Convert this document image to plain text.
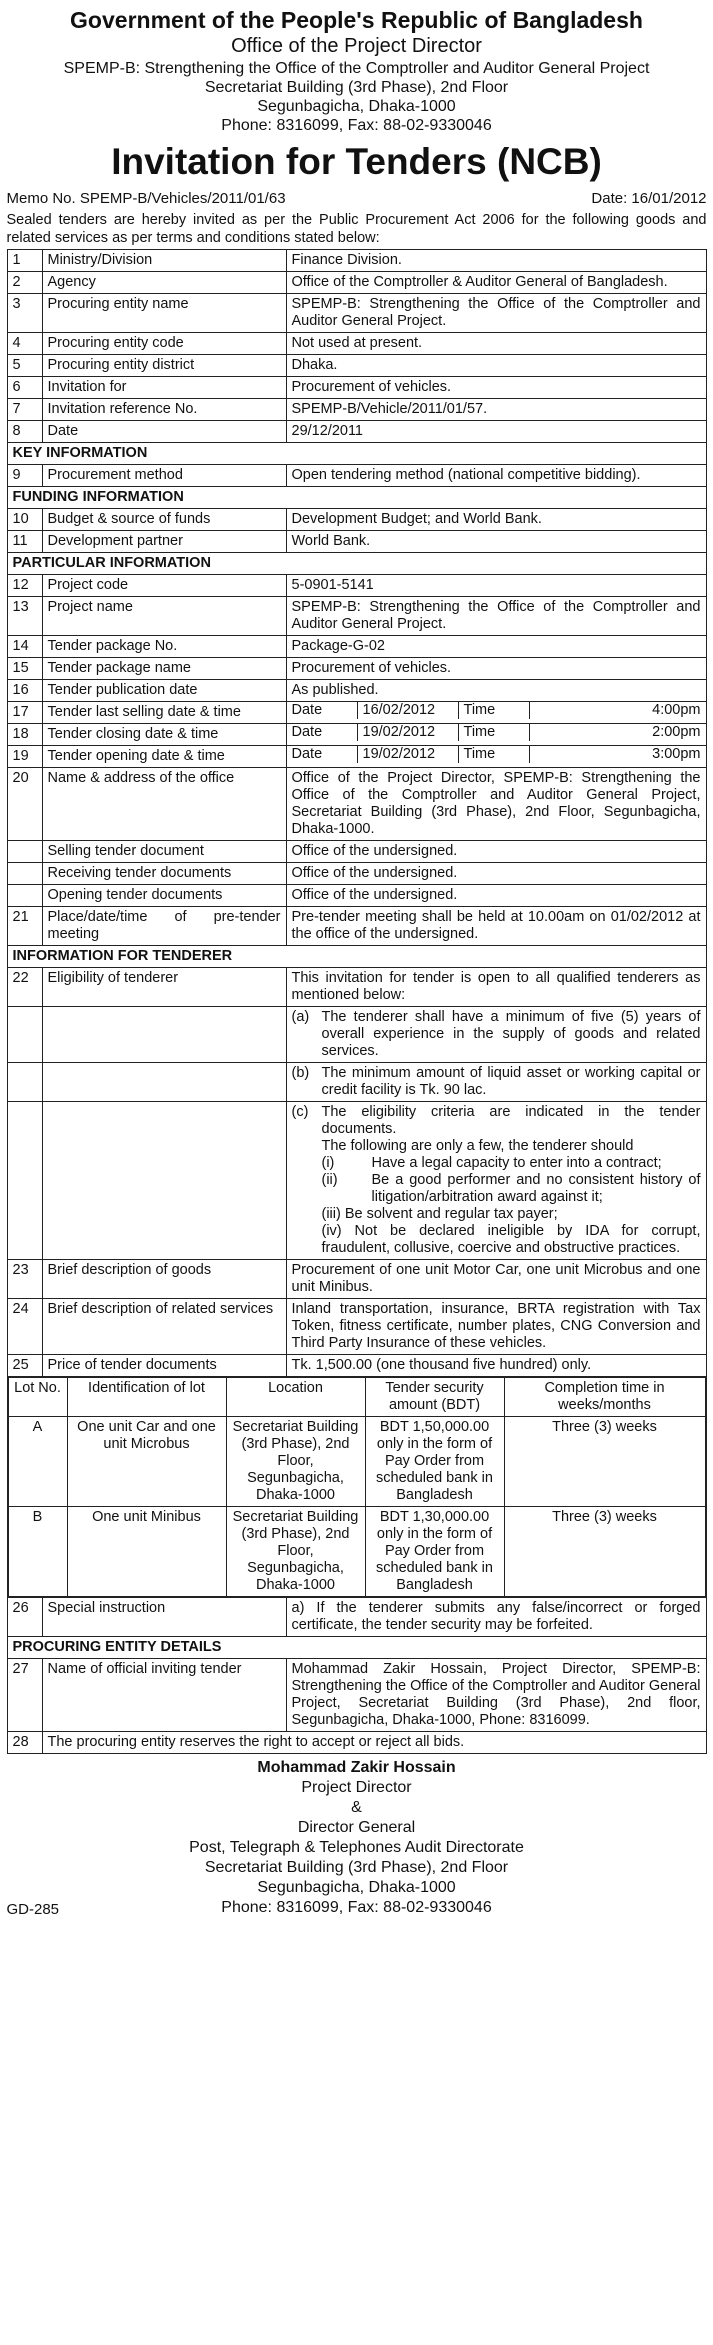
Government of the People's Republic of Bangladesh
Office of the Project Director
SPEMP-B: Strengthening the Office of the Comptroller and Auditor General Project
Secretariat Building (3rd Phase), 2nd Floor
Segunbagicha, Dhaka-1000
Phone: 8316099, Fax: 88-02-9330046
Invitation for Tenders (NCB)
Memo No. SPEMP-B/Vehicles/2011/01/63	Date: 16/01/2012
Sealed tenders are hereby invited as per the Public Procurement Act 2006 for the following goods and related services as per terms and conditions stated below:
1	Ministry/Division	Finance Division.
2	Agency	Office of the Comptroller & Auditor General of Bangladesh.
3	Procuring entity name	SPEMP-B: Strengthening the Office of the Comptroller and Auditor General Project.
4	Procuring entity code	Not used at present.
5	Procuring entity district	Dhaka.
6	Invitation for	Procurement of vehicles.
7	Invitation reference No.	SPEMP-B/Vehicle/2011/01/57.
8	Date	29/12/2011
KEY INFORMATION
9	Procurement method	Open tendering method (national competitive bidding).
FUNDING INFORMATION
10	Budget & source of funds	Development Budget; and World Bank.
11	Development partner	World Bank.
PARTICULAR INFORMATION
12	Project code	5-0901-5141
13	Project name	SPEMP-B: Strengthening the Office of the Comptroller and Auditor General Project.
14	Tender package No.	Package-G-02
15	Tender package name	Procurement of vehicles.
16	Tender publication date	As published.
17	Tender last selling date & time		Date	16/02/2012	Time	4:00pm

18	Tender closing date & time		Date	19/02/2012	Time	2:00pm

19	Tender opening date & time		Date	19/02/2012	Time	3:00pm

20	Name & address of the office	Office of the Project Director, SPEMP-B: Strengthening the Office of the Comptroller and Auditor General Project, Secretariat Building (3rd Phase), 2nd Floor, Segunbagicha, Dhaka-1000.
	Selling tender document	Office of the undersigned.
	Receiving tender documents	Office of the undersigned.
	Opening tender documents	Office of the undersigned.
21	Place/date/time of pre-tender meeting	Pre-tender meeting shall be held at 10.00am on 01/02/2012 at the office of the undersigned.
INFORMATION FOR TENDERER
22	Eligibility of tenderer	This invitation for tender is open to all qualified tenderers as mentioned below:

(a) The tenderer shall have a minimum of five (5) years of overall experience in the supply of goods and related services.

(b) The minimum amount of liquid asset or working capital or credit facility is Tk. 90 lac.

(c) The eligibility criteria are indicated in the tender documents.
The following are only a few, the tenderer should
(i)	Have a legal capacity to enter into a contract;
(ii)	Be a good performer and no consistent history of litigation/arbitration award against it;
(iii) Be solvent and regular tax payer;
(iv) Not be declared ineligible by IDA for corrupt, fraudulent, collusive, coercive and obstructive practices.

23	Brief description of goods	Procurement of one unit Motor Car, one unit Microbus and one unit Minibus.
24	Brief description of related services	Inland transportation, insurance, BRTA registration with Tax Token, fitness certificate, number plates, CNG Conversion and Third Party Insurance of these vehicles.
25	Price of tender documents	Tk. 1,500.00 (one thousand five hundred) only.

Lot No.	Identification of lot	Location	Tender security amount (BDT)	Completion time in weeks/months
A	One unit Car and one unit Microbus	Secretariat Building (3rd Phase), 2nd Floor, Segunbagicha, Dhaka-1000	BDT 1,50,000.00 only in the form of Pay Order from scheduled bank in Bangladesh	Three (3) weeks
B	One unit Minibus	Secretariat Building (3rd Phase), 2nd Floor, Segunbagicha, Dhaka-1000	BDT 1,30,000.00 only in the form of Pay Order from scheduled bank in Bangladesh	Three (3) weeks

26	Special instruction	a) If the tenderer submits any false/incorrect or forged certificate, the tender security may be forfeited.
PROCURING ENTITY DETAILS
27	Name of official inviting tender	Mohammad Zakir Hossain, Project Director, SPEMP-B: Strengthening the Office of the Comptroller and Auditor General Project, Secretariat Building (3rd Phase), 2nd floor, Segunbagicha, Dhaka-1000, Phone: 8316099.
28	The procuring entity reserves the right to accept or reject all bids.
Mohammad Zakir Hossain
Project Director
&
Director General
Post, Telegraph & Telephones Audit Directorate
Secretariat Building (3rd Phase), 2nd Floor
Segunbagicha, Dhaka-1000
Phone: 8316099, Fax: 88-02-9330046
GD-285
